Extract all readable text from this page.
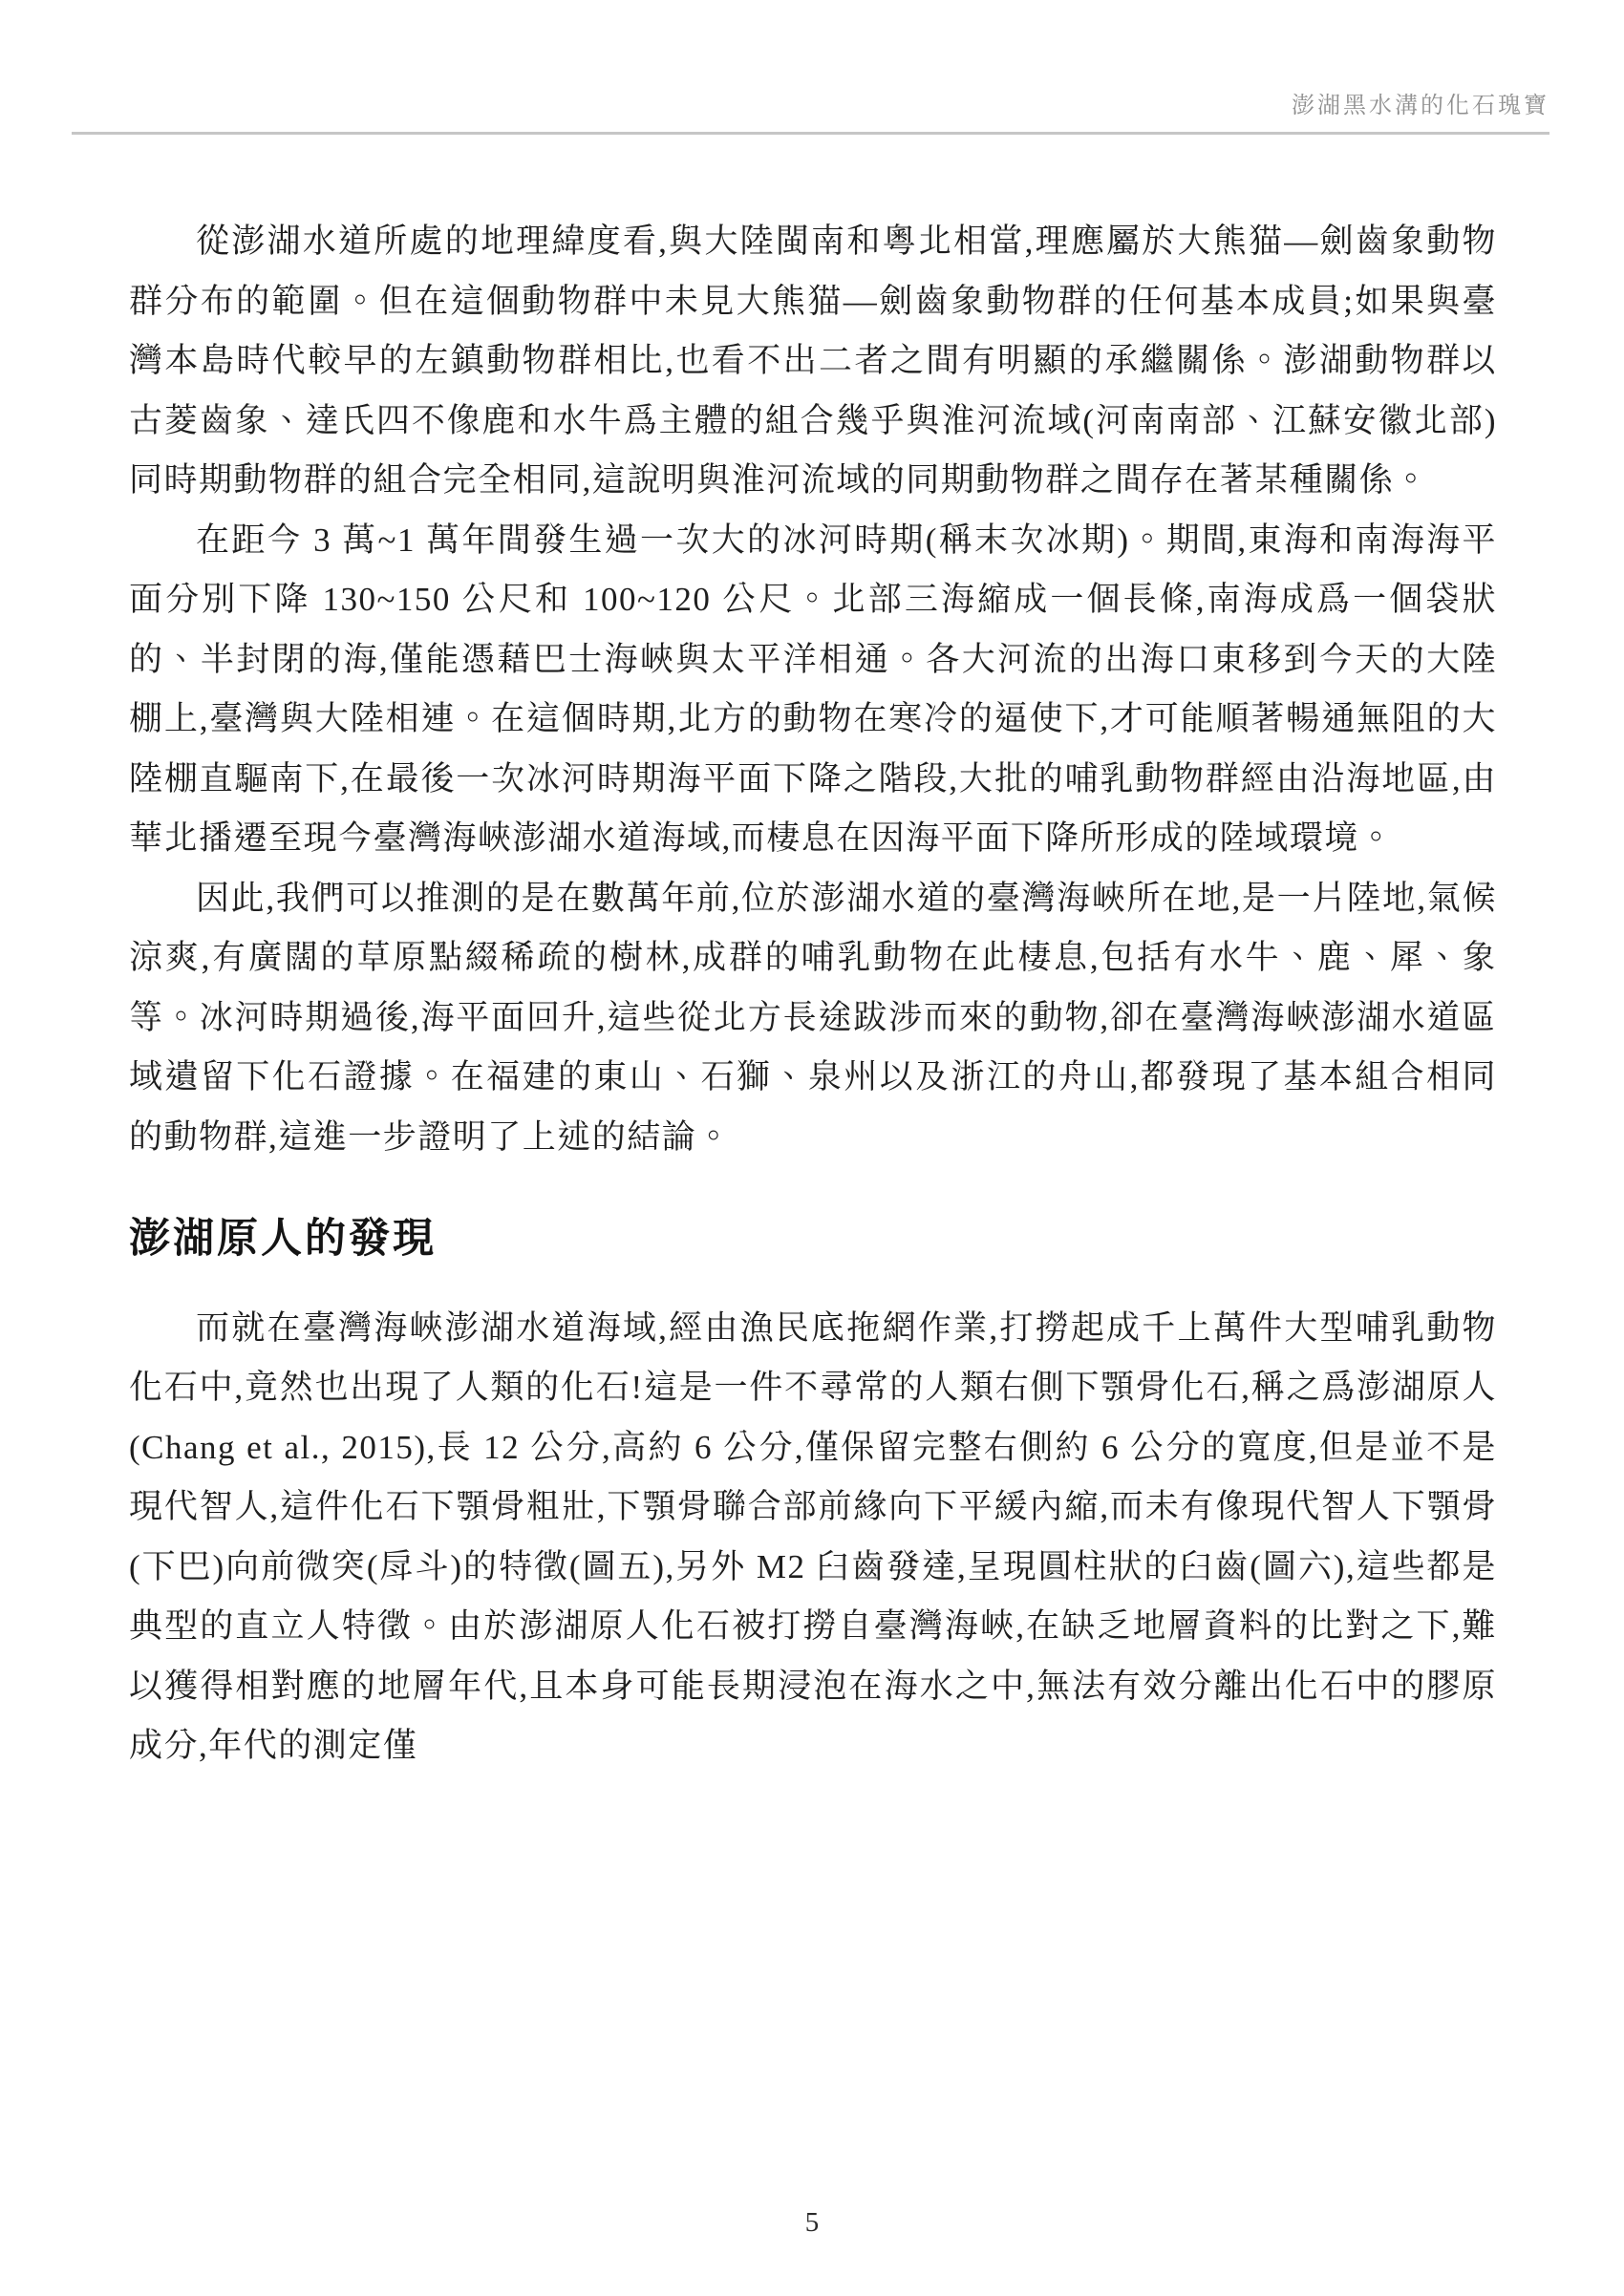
澎湖黑水溝的化石瑰寶

從澎湖水道所處的地理緯度看,與大陸閩南和粵北相當,理應屬於大熊猫—劍齒象動物群分布的範圍。但在這個動物群中未見大熊猫—劍齒象動物群的任何基本成員;如果與臺灣本島時代較早的左鎮動物群相比,也看不出二者之間有明顯的承繼關係。澎湖動物群以古菱齒象、達氏四不像鹿和水牛爲主體的組合幾乎與淮河流域(河南南部、江蘇安徽北部)同時期動物群的組合完全相同,這說明與淮河流域的同期動物群之間存在著某種關係。

在距今 3 萬~1 萬年間發生過一次大的冰河時期(稱末次冰期)。期間,東海和南海海平面分別下降 130~150 公尺和 100~120 公尺。北部三海縮成一個長條,南海成爲一個袋狀的、半封閉的海,僅能憑藉巴士海峽與太平洋相通。各大河流的出海口東移到今天的大陸棚上,臺灣與大陸相連。在這個時期,北方的動物在寒冷的逼使下,才可能順著暢通無阻的大陸棚直驅南下,在最後一次冰河時期海平面下降之階段,大批的哺乳動物群經由沿海地區,由華北播遷至現今臺灣海峽澎湖水道海域,而棲息在因海平面下降所形成的陸域環境。

因此,我們可以推測的是在數萬年前,位於澎湖水道的臺灣海峽所在地,是一片陸地,氣候涼爽,有廣闊的草原點綴稀疏的樹林,成群的哺乳動物在此棲息,包括有水牛、鹿、犀、象等。冰河時期過後,海平面回升,這些從北方長途跋涉而來的動物,卻在臺灣海峽澎湖水道區域遺留下化石證據。在福建的東山、石獅、泉州以及浙江的舟山,都發現了基本組合相同的動物群,這進一步證明了上述的結論。

澎湖原人的發現

而就在臺灣海峽澎湖水道海域,經由漁民底拖網作業,打撈起成千上萬件大型哺乳動物化石中,竟然也出現了人類的化石!這是一件不尋常的人類右側下顎骨化石,稱之爲澎湖原人(Chang et al., 2015),長 12 公分,高約 6 公分,僅保留完整右側約 6 公分的寬度,但是並不是現代智人,這件化石下顎骨粗壯,下顎骨聯合部前緣向下平緩內縮,而未有像現代智人下顎骨(下巴)向前微突(戽斗)的特徵(圖五),另外 M2 臼齒發達,呈現圓柱狀的臼齒(圖六),這些都是典型的直立人特徵。由於澎湖原人化石被打撈自臺灣海峽,在缺乏地層資料的比對之下,難以獲得相對應的地層年代,且本身可能長期浸泡在海水之中,無法有效分離出化石中的膠原成分,年代的測定僅

5
